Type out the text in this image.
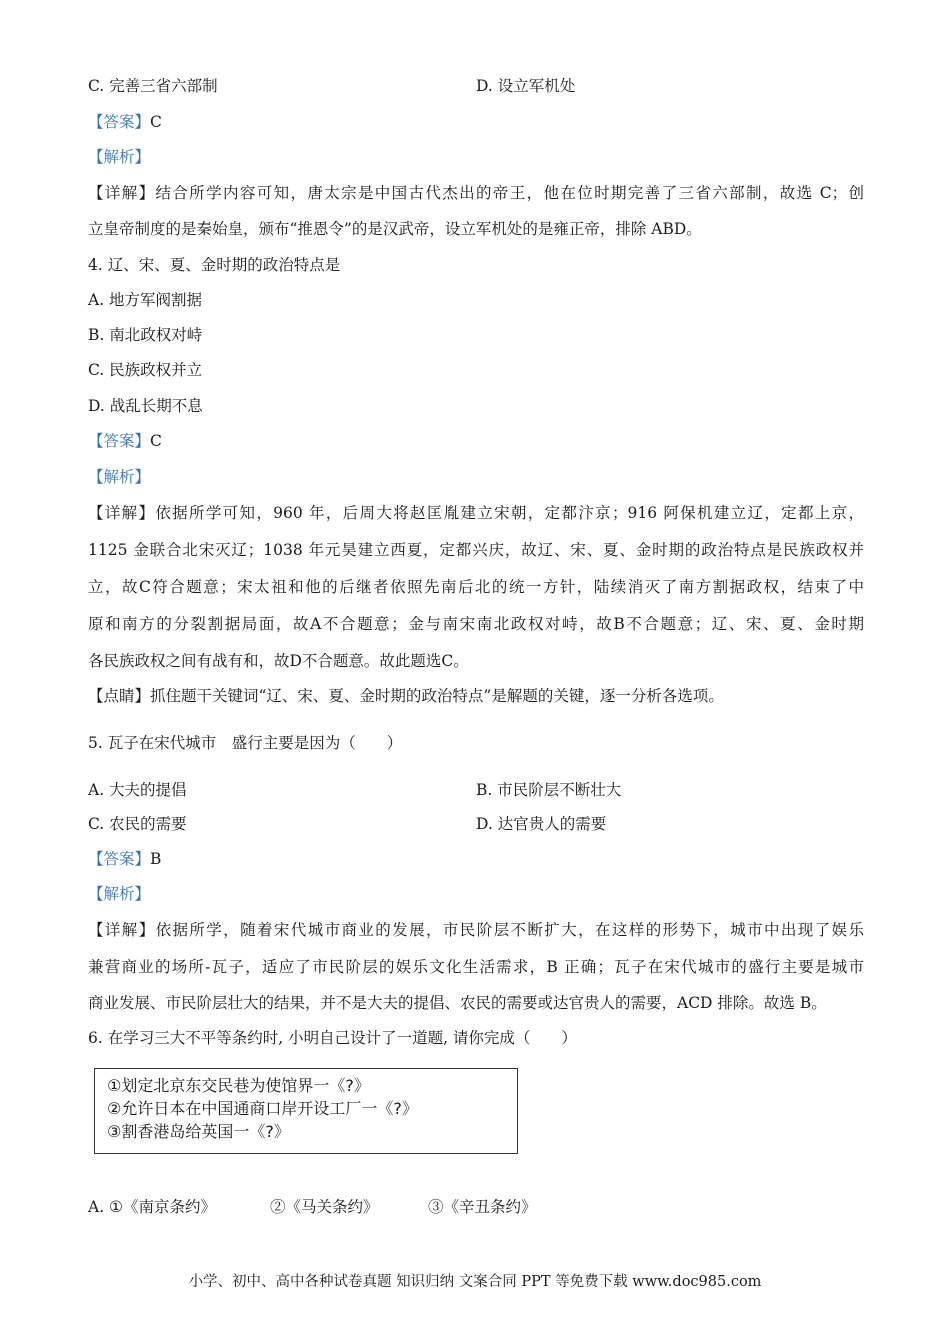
C. 完善三省六部制	D. 设立军机处
【答案】C
【解析】
【详解】结合所学内容可知，唐太宗是中国古代杰出的帝王，他在位时期完善了三省六部制，故选 C；创
立皇帝制度的是秦始皇，颁布“推恩令”的是汉武帝，设立军机处的是雍正帝，排除 ABD。
4. 辽、宋、夏、金时期的政治特点是
A. 地方军阀割据
B. 南北政权对峙
C. 民族政权并立
D. 战乱长期不息
【答案】C
【解析】
【详解】依据所学可知，960 年，后周大将赵匡胤建立宋朝，定都汴京；916 阿保机建立辽，定都上京，
1125 金联合北宋灭辽；1038 年元昊建立西夏，定都兴庆，故辽、宋、夏、金时期的政治特点是民族政权并
立，故C符合题意；宋太祖和他的后继者依照先南后北的统一方针，陆续消灭了南方割据政权，结束了中
原和南方的分裂割据局面，故A不合题意；金与南宋南北政权对峙，故B不合题意；辽、宋、夏、金时期
各民族政权之间有战有和，故D不合题意。故此题选C。
【点睛】抓住题干关键词“辽、宋、夏、金时期的政治特点”是解题的关键，逐一分析各选项。
5. 瓦子在宋代城市　盛行主要是因为（　　）
A. 大夫的提倡	B. 市民阶层不断壮大
C. 农民的需要	D. 达官贵人的需要
【答案】B
【解析】
【详解】依据所学，随着宋代城市商业的发展，市民阶层不断扩大，在这样的形势下，城市中出现了娱乐
兼营商业的场所-瓦子，适应了市民阶层的娱乐文化生活需求，B 正确；瓦子在宋代城市的盛行主要是城市
商业发展、市民阶层壮大的结果，并不是大夫的提倡、农民的需要或达官贵人的需要，ACD 排除。故选 B。
6. 在学习三大不平等条约时, 小明自己设计了一道题, 请你完成（　　）
①划定北京东交民巷为使馆界一《?》
②允许日本在中国通商口岸开设工厂一《?》
③割香港岛给英国一《?》
A. ①《南京条约》	②《马关条约》	③《辛丑条约》
小学、初中、高中各种试卷真题 知识归纳 文案合同 PPT 等免费下载 www.doc985.com
